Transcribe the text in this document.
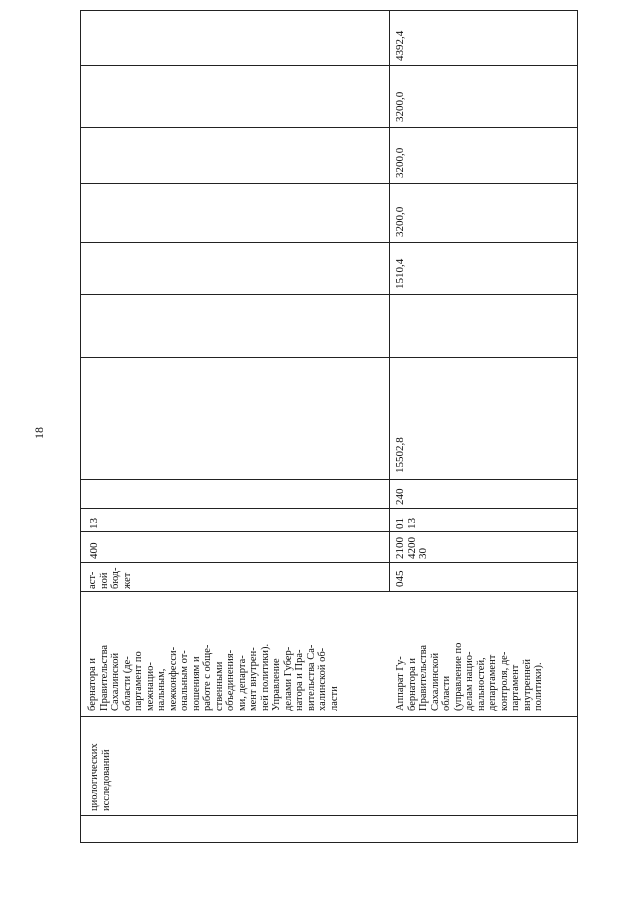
18
циологических исследований
бернатора и Правительства Сахалинской области (де- партамент по межнацио- нальным, межконфесси- ональным от- ношениям и работе с обще- ственными объединения- ми, департа- мент внутрен- ней политики). Управление делами Губер- натора и Пра- вительства Са- халинской об- ласти
аст- ной бюд- жет
400
13
Аппарат Гу- бернатора и Правительства Сахалинской области (управление по делам нацио- нальностей, департамент контроля, де- партамент внутренней политики).
045
2100 4200 30
01 13
240
15502,8
1510,4
3200,0
3200,0
3200,0
4392,4
